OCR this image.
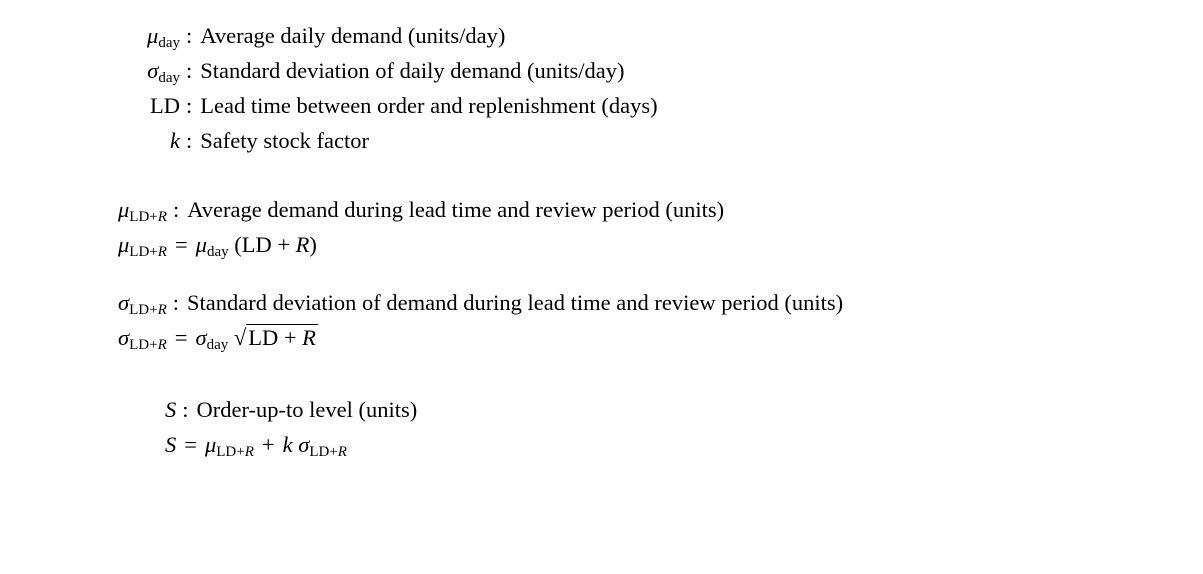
$\mu_{day}$ : Average daily demand (units/day)
$\sigma_{day}$ : Standard deviation of daily demand (units/day)
LD : Lead time between order and replenishment (days)
k : Safety stock factor
$\mu_{LD+R}$ : Average demand during lead time and review period (units)
$\mu_{LD+R} = \mu_{day}$ (LD + R)
$\sigma_{LD+R}$ : Standard deviation of demand during lead time and review period (units)
$\sigma_{LD+R} = \sigma_{day}$ √LD + R
S : Order-up-to level (units)
$S = \mu_{LD+R} + k$ $\sigma_{LD+R}$
